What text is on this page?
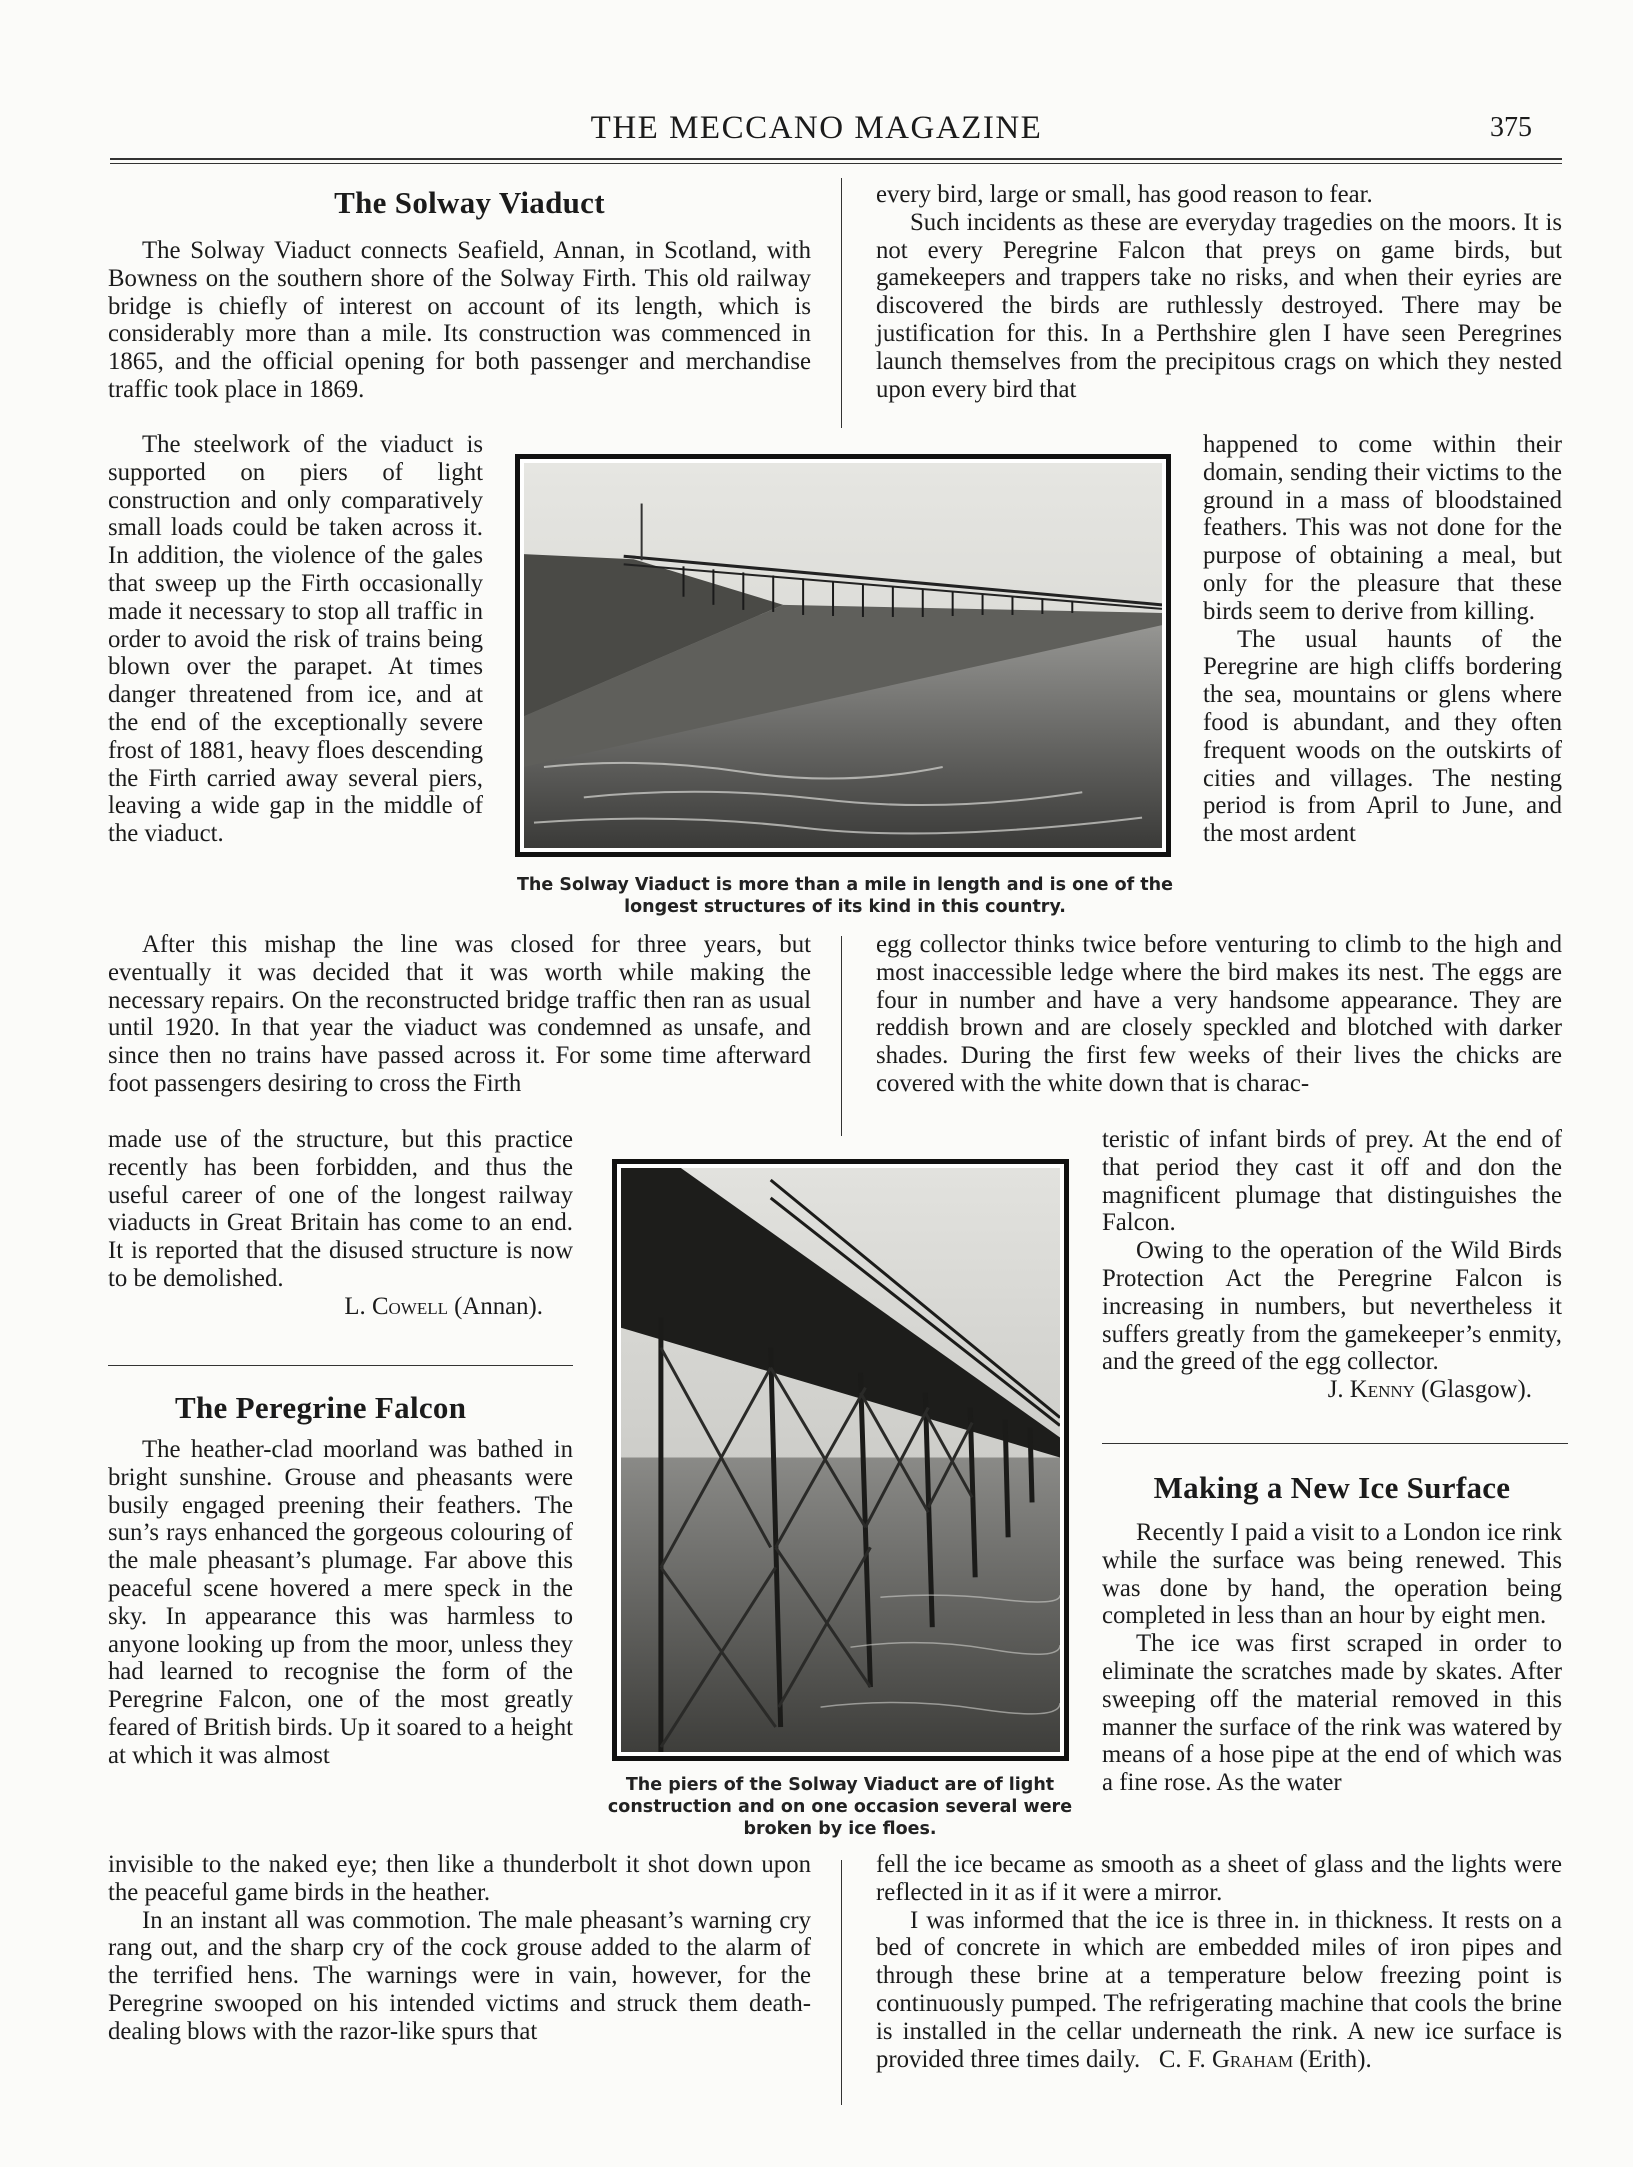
THE MECCANO MAGAZINE	375
The Solway Viaduct

The Solway Viaduct connects Seafield, Annan, in Scotland, with Bowness on the southern shore of the Solway Firth. This old railway bridge is chiefly of interest on account of its length, which is considerably more than a mile. Its construction was commenced in 1865, and the official opening for both passenger and merchandise traffic took place in 1869.

The steelwork of the viaduct is supported on piers of light construction and only comparatively small loads could be taken across it. In addition, the violence of the gales that sweep up the Firth occasionally made it necessary to stop all traffic in order to avoid the risk of trains being blown over the parapet. At times danger threatened from ice, and at the end of the exceptionally severe frost of 1881, heavy floes descending the Firth carried away several piers, leaving a wide gap in the middle of the viaduct.

every bird, large or small, has good reason to fear.

Such incidents as these are everyday tragedies on the moors. It is not every Peregrine Falcon that preys on game birds, but gamekeepers and trappers take no risks, and when their eyries are discovered the birds are ruthlessly destroyed. There may be justification for this. In a Perthshire glen I have seen Peregrines launch themselves from the precipitous crags on which they nested upon every bird that

happened to come within their domain, sending their victims to the ground in a mass of bloodstained feathers. This was not done for the purpose of obtaining a meal, but only for the pleasure that these birds seem to derive from killing.

The usual haunts of the Peregrine are high cliffs bordering the sea, mountains or glens where food is abundant, and they often frequent woods on the outskirts of cities and villages. The nesting period is from April to June, and the most ardent

The Solway Viaduct is more than a mile in length and is one of the longest structures of its kind in this country.

After this mishap the line was closed for three years, but eventually it was decided that it was worth while making the necessary repairs. On the reconstructed bridge traffic then ran as usual until 1920. In that year the viaduct was condemned as unsafe, and since then no trains have passed across it. For some time afterward foot passengers desiring to cross the Firth

egg collector thinks twice before venturing to climb to the high and most inaccessible ledge where the bird makes its nest. The eggs are four in number and have a very handsome appearance. They are reddish brown and are closely speckled and blotched with darker shades. During the first few weeks of their lives the chicks are covered with the white down that is charac-

made use of the structure, but this practice recently has been forbidden, and thus the useful career of one of the longest railway viaducts in Great Britain has come to an end. It is reported that the disused structure is now to be demolished.

L. Cowell (Annan).

The Peregrine Falcon

The heather-clad moorland was bathed in bright sunshine. Grouse and pheasants were busily engaged preening their feathers. The sun’s rays enhanced the gorgeous colouring of the male pheasant’s plumage. Far above this peaceful scene hovered a mere speck in the sky. In appearance this was harmless to anyone looking up from the moor, unless they had learned to recognise the form of the Peregrine Falcon, one of the most greatly feared of British birds. Up it soared to a height at which it was almost

teristic of infant birds of prey. At the end of that period they cast it off and don the magnificent plumage that distinguishes the Falcon.

Owing to the operation of the Wild Birds Protection Act the Peregrine Falcon is increasing in numbers, but nevertheless it suffers greatly from the gamekeeper’s enmity, and the greed of the egg collector.

J. Kenny (Glasgow).

Making a New Ice Surface

Recently I paid a visit to a London ice rink while the surface was being renewed. This was done by hand, the operation being completed in less than an hour by eight men.

The ice was first scraped in order to eliminate the scratches made by skates. After sweeping off the material removed in this manner the surface of the rink was watered by means of a hose pipe at the end of which was a fine rose. As the water

The piers of the Solway Viaduct are of light construction and on one occasion several were broken by ice floes.

invisible to the naked eye; then like a thunderbolt it shot down upon the peaceful game birds in the heather.

In an instant all was commotion. The male pheasant’s warning cry rang out, and the sharp cry of the cock grouse added to the alarm of the terrified hens. The warnings were in vain, however, for the Peregrine swooped on his intended victims and struck them death-dealing blows with the razor-like spurs that

fell the ice became as smooth as a sheet of glass and the lights were reflected in it as if it were a mirror.

I was informed that the ice is three in. in thickness. It rests on a bed of concrete in which are embedded miles of iron pipes and through these brine at a temperature below freezing point is continuously pumped. The refrigerating machine that cools the brine is installed in the cellar underneath the rink. A new ice surface is provided three times daily. C. F. Graham (Erith).
